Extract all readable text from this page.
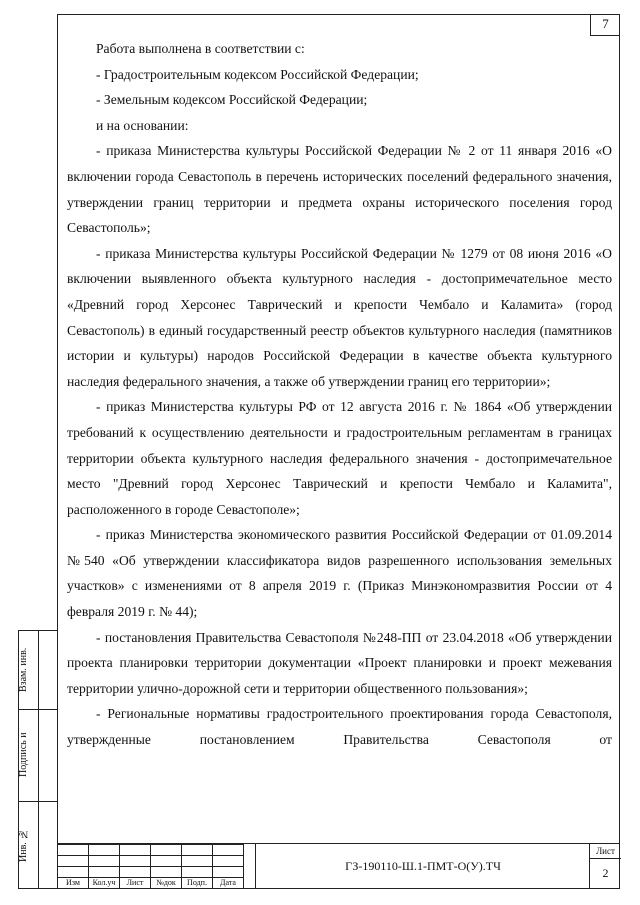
7

Работа выполнена в соответствии с:

- Градостроительным кодексом Российской Федерации;

- Земельным кодексом Российской Федерации;

и на основании:

- приказа Министерства культуры Российской Федерации № 2 от 11 января 2016 «О включении города Севастополь в перечень исторических поселений федерального значения, утверждении границ территории и предмета охраны исторического поселения город Севастополь»;

- приказа Министерства культуры Российской Федерации № 1279 от 08 июня 2016 «О включении выявленного объекта культурного наследия - достопримечательное место «Древний город Херсонес Таврический и крепости Чембало и Каламита» (город Севастополь) в единый государственный реестр объектов культурного наследия (памятников истории и культуры) народов Российской Федерации в качестве объекта культурного наследия федерального значения, а также об утверждении границ его территории»;

- приказ Министерства культуры РФ от 12 августа 2016 г. № 1864 «Об утверждении требований к осуществлению деятельности и градостроительным регламентам в границах территории объекта культурного наследия федерального значения - достопримечательное место "Древний город Херсонес Таврический и крепости Чембало и Каламита", расположенного в городе Севастополе»;

- приказ Министерства экономического развития Российской Федерации от 01.09.2014 №540 «Об утверждении классификатора видов разрешенного использования земельных участков» с изменениями от 8 апреля 2019 г. (Приказ Минэкономразвития России от 4 февраля 2019 г. № 44);

- постановления Правительства Севастополя №248-ПП от 23.04.2018 «Об утверждении проекта планировки территории документации «Проект планировки и проект межевания территории улично-дорожной сети и территории общественного пользования»;

- Региональные нормативы градостроительного проектирования города Севастополя, утвержденные постановлением Правительства Севастополя от

Взам. инв.
Подпись и
Инв. №

Изм	Кол.уч	Лист	№док	Подп.	Дата
ГЗ-190110-Ш.1-ПМТ-О(У).ТЧ
Лист
2
